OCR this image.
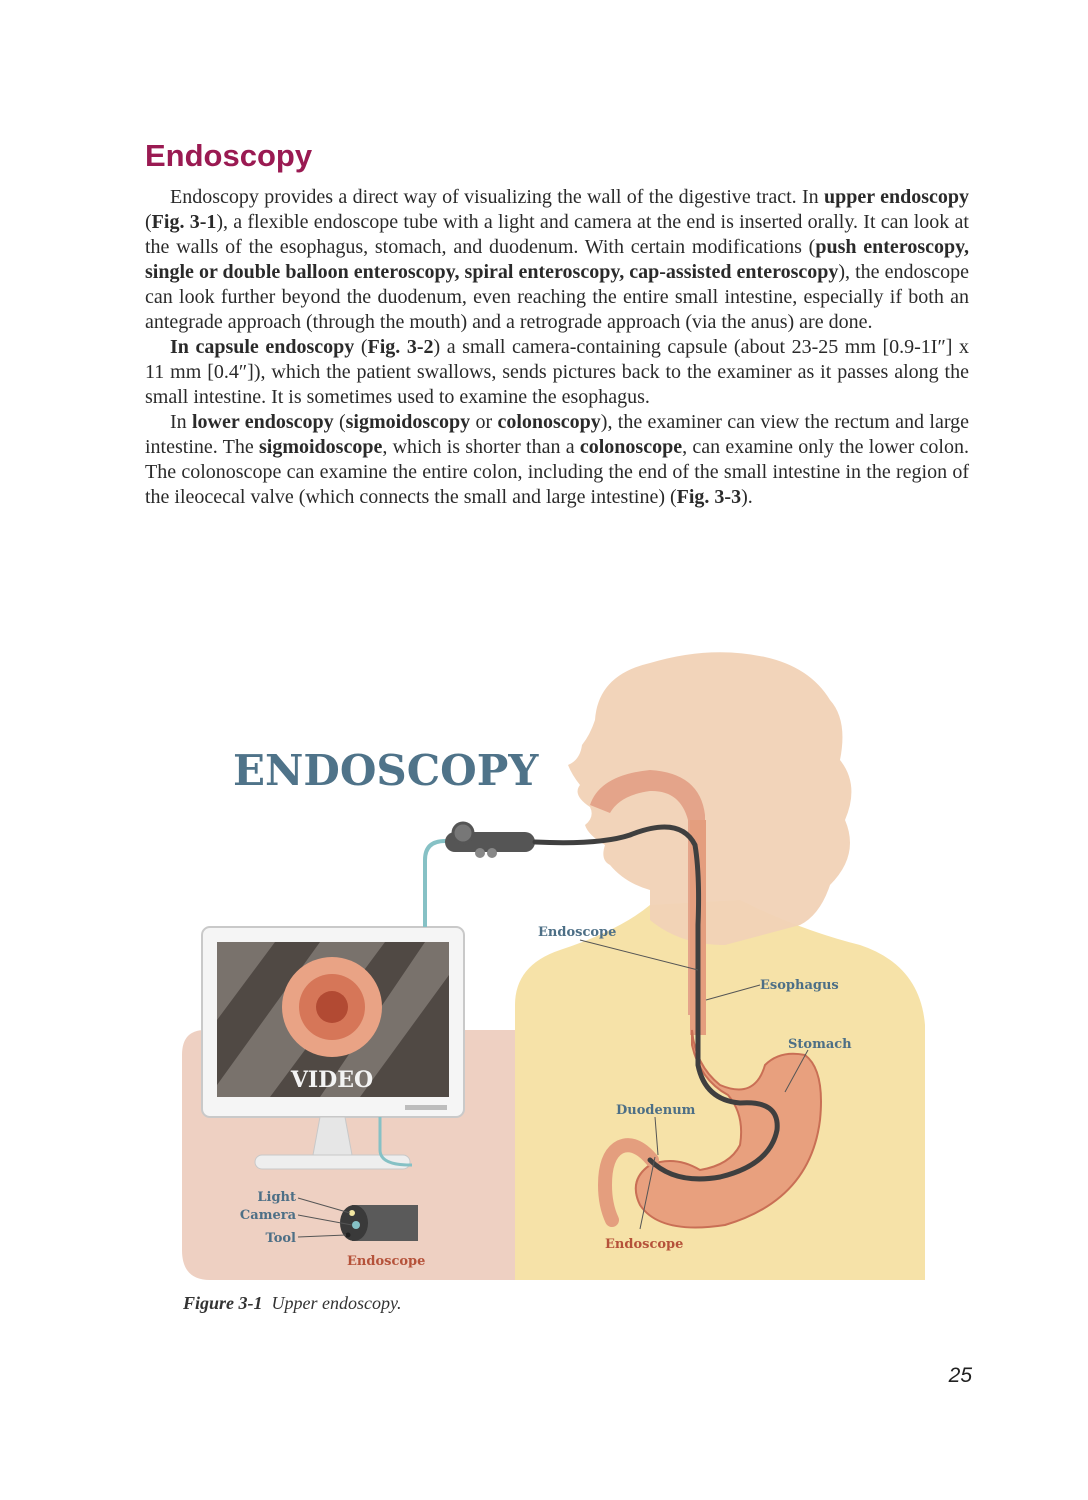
Endoscopy

Endoscopy provides a direct way of visualizing the wall of the digestive tract. In upper endoscopy (Fig. 3-1), a flexible endoscope tube with a light and camera at the end is inserted orally. It can look at the walls of the esophagus, stomach, and duodenum. With certain modifications (push enteroscopy, single or double balloon enteroscopy, spiral enteroscopy, cap-assisted enteroscopy), the endoscope can look further beyond the duodenum, even reaching the entire small intestine, especially if both an antegrade approach (through the mouth) and a retrograde approach (via the anus) are done.

In capsule endoscopy (Fig. 3-2) a small camera-containing capsule (about 23-25 mm [0.9-1I″] x 11 mm [0.4″]), which the patient swallows, sends pictures back to the examiner as it passes along the small intestine. It is sometimes used to examine the esophagus.

In lower endoscopy (sigmoidoscopy or colonoscopy), the examiner can view the rectum and large intestine. The sigmoidoscope, which is shorter than a colonoscope, can examine only the lower colon. The colonoscope can examine the entire colon, including the end of the small intestine in the region of the ileocecal valve (which connects the small and large intestine) (Fig. 3-3).

VIDEO
Endoscope
Esophagus
Stomach
Duodenum
Endoscope
Light
Camera
Tool
Endoscope
ENDOSCOPY
Figure 3-1 Upper endoscopy.
25
